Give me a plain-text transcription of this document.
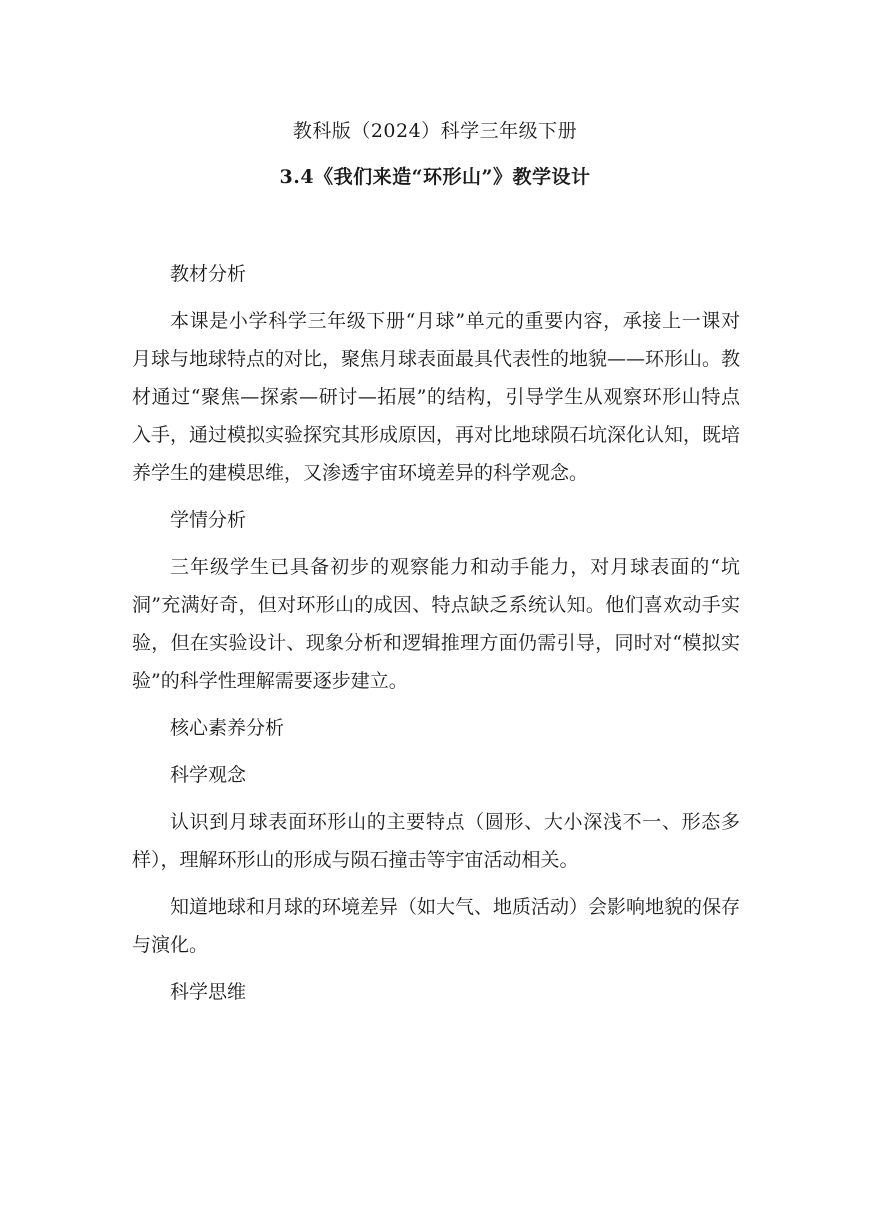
教科版（2024）科学三年级下册
3.4《我们来造“环形山”》教学设计

教材分析

本课是小学科学三年级下册“月球”单元的重要内容，承接上一课对月球与地球特点的对比，聚焦月球表面最具代表性的地貌——环形山。教材通过“聚焦—探索—研讨—拓展”的结构，引导学生从观察环形山特点入手，通过模拟实验探究其形成原因，再对比地球陨石坑深化认知，既培养学生的建模思维，又渗透宇宙环境差异的科学观念。

学情分析

三年级学生已具备初步的观察能力和动手能力，对月球表面的“坑洞”充满好奇，但对环形山的成因、特点缺乏系统认知。他们喜欢动手实验，但在实验设计、现象分析和逻辑推理方面仍需引导，同时对“模拟实验”的科学性理解需要逐步建立。

核心素养分析

科学观念

认识到月球表面环形山的主要特点（圆形、大小深浅不一、形态多样），理解环形山的形成与陨石撞击等宇宙活动相关。

知道地球和月球的环境差异（如大气、地质活动）会影响地貌的保存与演化。

科学思维
